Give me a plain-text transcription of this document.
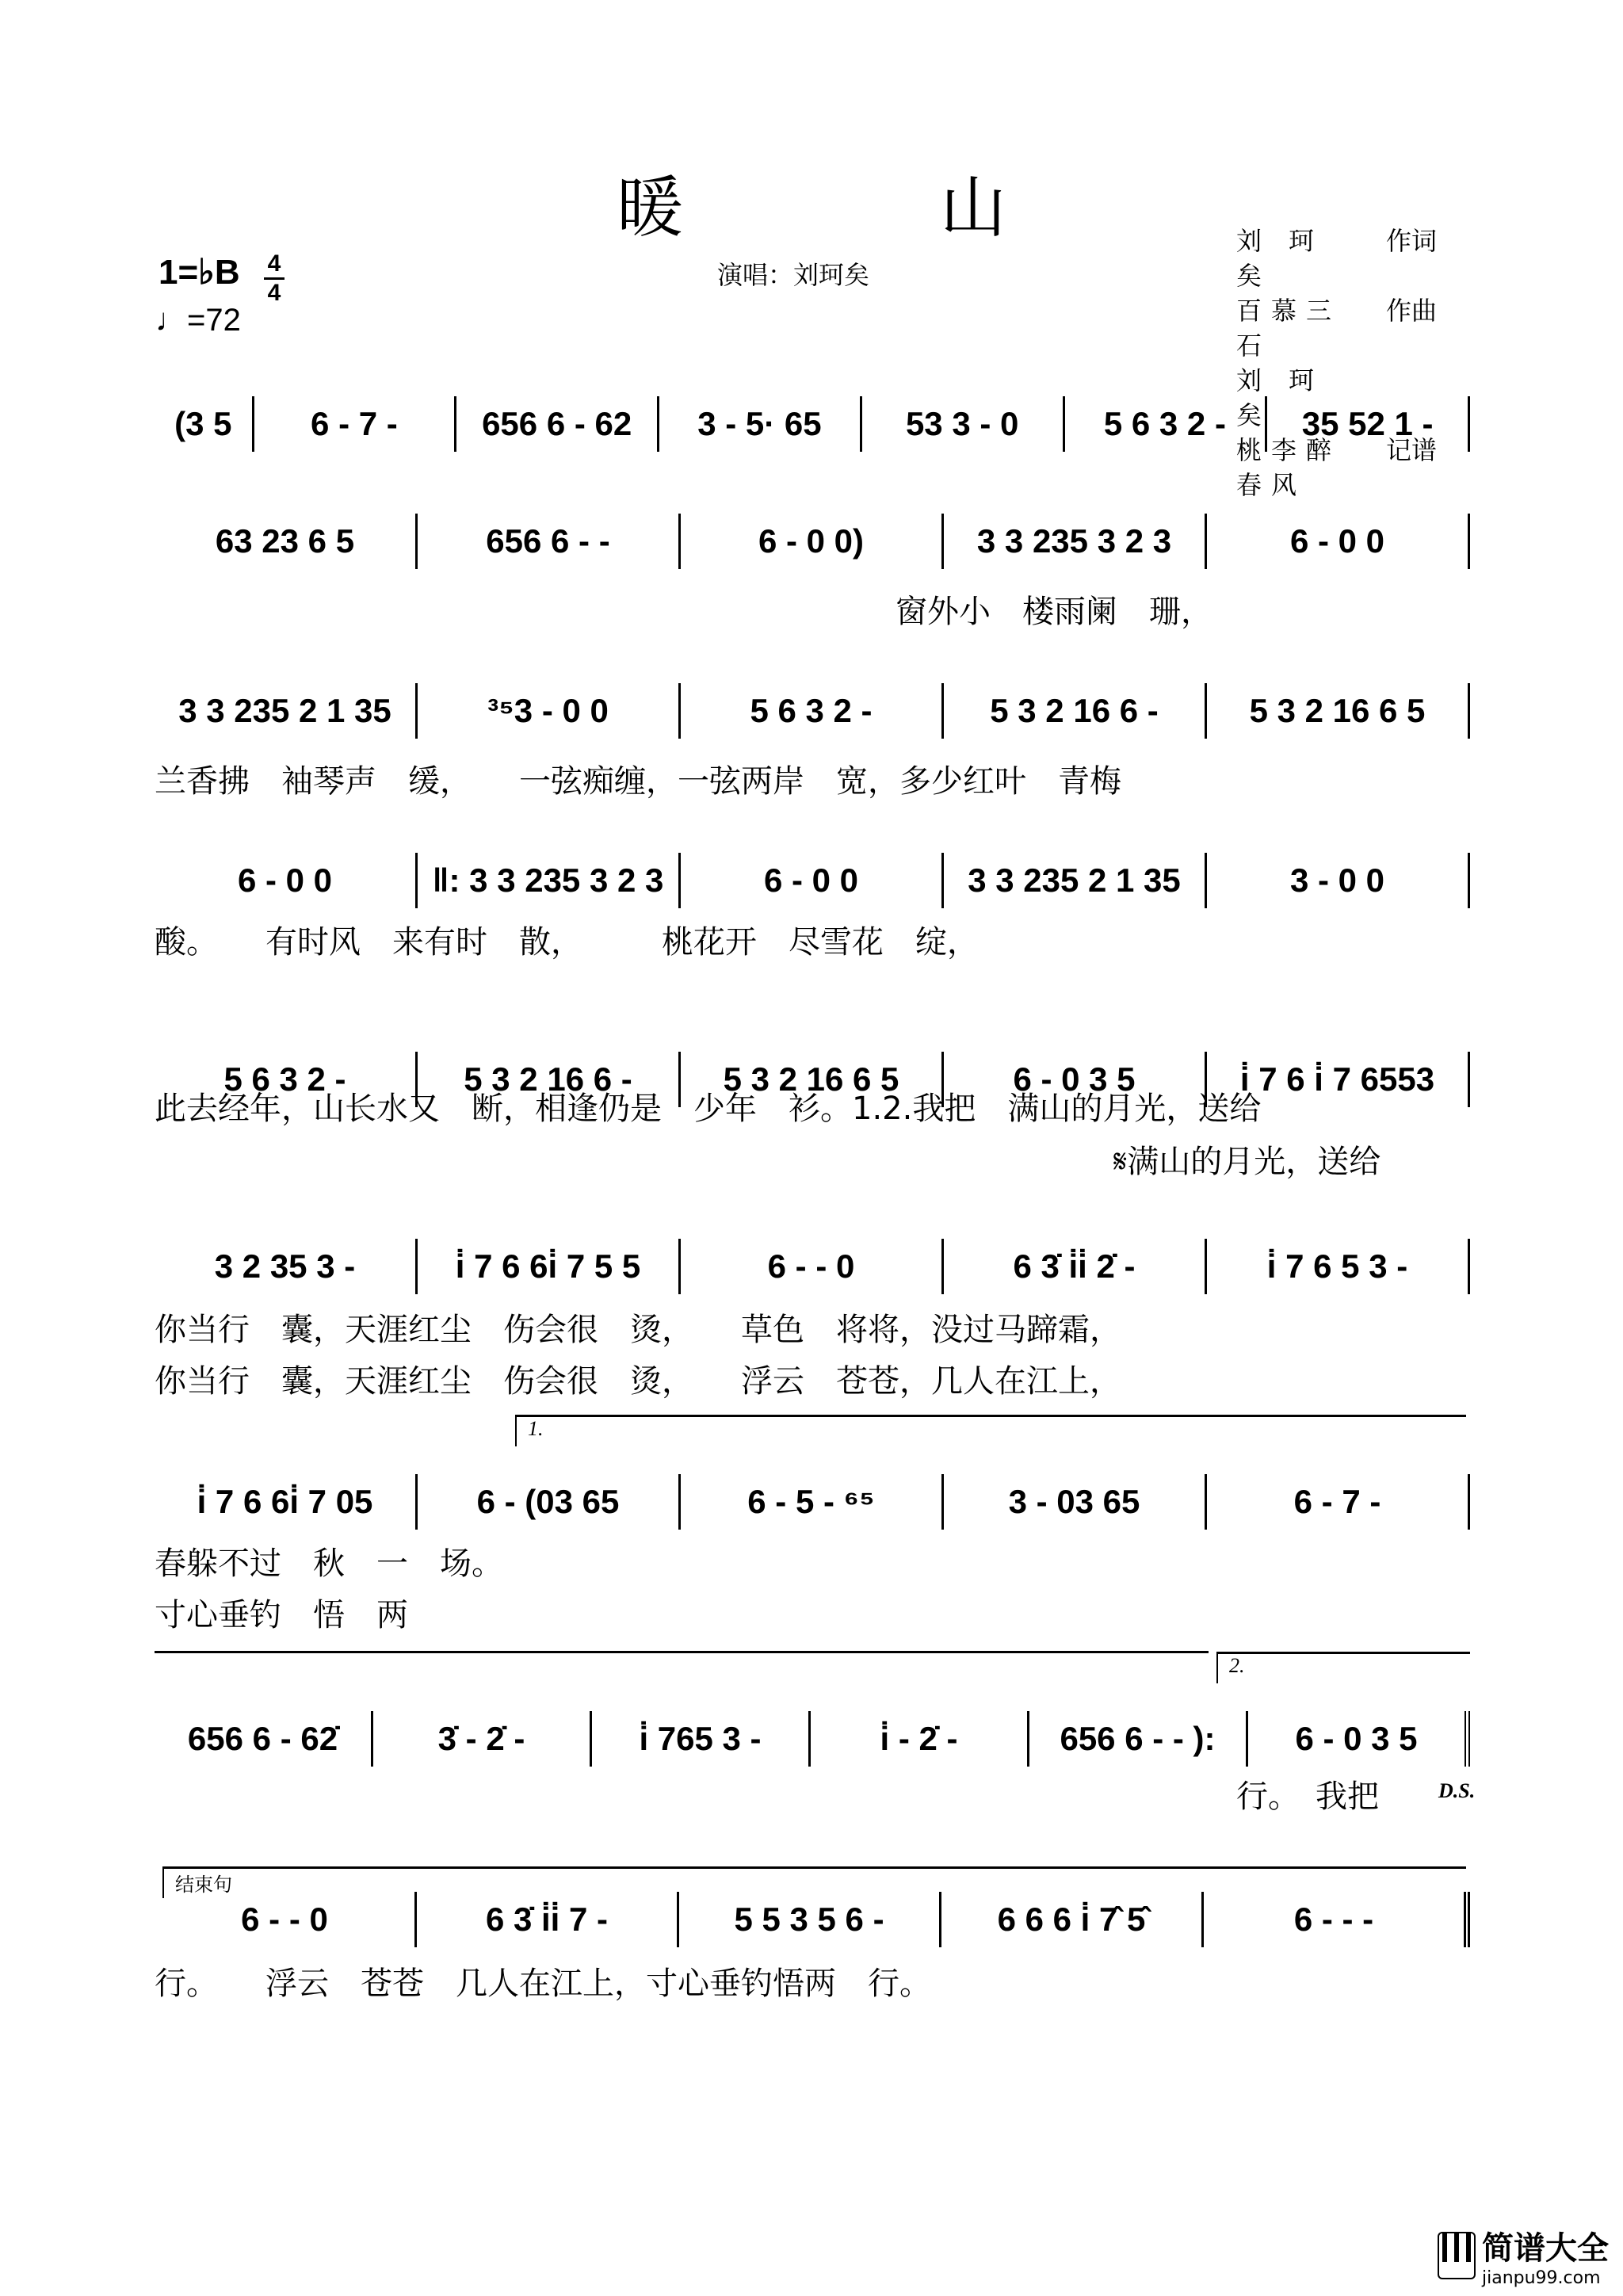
暖　山
演唱：刘珂矣
1=♭B 4
4
♩=72
刘 珂 矣
作词
百慕三石
作曲
刘 珂 矣
桃李醉春风
记谱
(3 5	6 - 7 -	656 6 - 62	3 - 5· 65	53 3 - 0	5 6 3 2 -	35 52 1 -
63 23 6 5	656 6 - -	6 - 0 0)	3 3 235 3 2 3	6 - 0 0
窗外小　楼雨阑　珊，
3 3 235 2 1 35	³⁵3 - 0 0	5 6 3 2 -	5 3 2 16 6 -	5 3 2 16 6 5
兰香拂　袖琴声　缓，　　一弦痴缠，一弦两岸　宽，多少红叶　青梅
6 - 0 0	‖: 3 3 235 3 2 3	6 - 0 0	3 3 235 2 1 35	3 - 0 0
酸。　　有时风　来有时　散，　　　桃花开　尽雪花　绽，
5 6 3 2 -	5 3 2 16 6 -	5 3 2 16 6 5	6 - 0 3 5	i̇ 7 6 i̇ 7 6553
此去经年，山长水又　断，相逢仍是　少年　衫。1.2.我把　满山的月光，送给
𝄋满山的月光，送给
3 2 35 3 -	i̇ 7 6 6i̇ 7 5 5	6 - - 0	6 3̇ i̇i̇ 2̇ -	i̇ 7 6 5 3 -
你当行　囊，天涯红尘　伤会很　烫，　　草色　将将，没过马蹄霜，
你当行　囊，天涯红尘　伤会很　烫，　　浮云　苍苍，几人在江上，
i̇ 7 6 6i̇ 7 05	6 - (03 65	6 - 5 - ⁶⁵	3 - 03 65	6 - 7 -
春躲不过　秋　一　场。
寸心垂钓　悟　两
1.
656 6 - 62̇	3̇ - 2̇ -	i̇ 765 3 -	i̇ - 2̇ -	656 6 - - ):	6 - 0 3 5
行。　我把
2.
D.S.
6 - - 0	6 3̇ i̇i̇ 7 -	5 5 3 5 6 -	6 6 6 i̇ 7̂ 5̂	6 - - -
行。　　浮云　苍苍　几人在江上，寸心垂钓悟两　行。
结束句
简谱大全
jianpu99.com
